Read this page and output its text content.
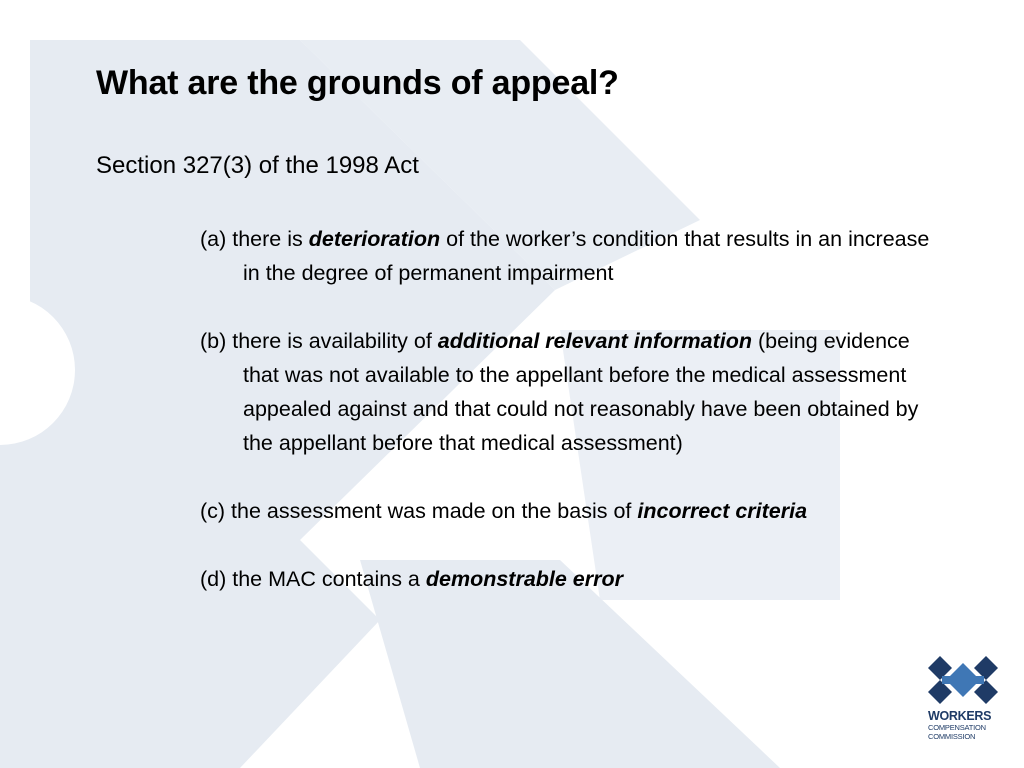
What are the grounds of appeal?
Section 327(3) of the 1998 Act

(a) there is deterioration of the worker’s condition that results in an increase in the degree of permanent impairment

(b) there is availability of additional relevant information (being evidence that was not available to the appellant before the medical assessment appealed against and that could not reasonably have been obtained by the appellant before that medical assessment)

(c) the assessment was made on the basis of incorrect criteria

(d) the MAC contains a demonstrable error

WORKERS
COMPENSATION
COMMISSION
